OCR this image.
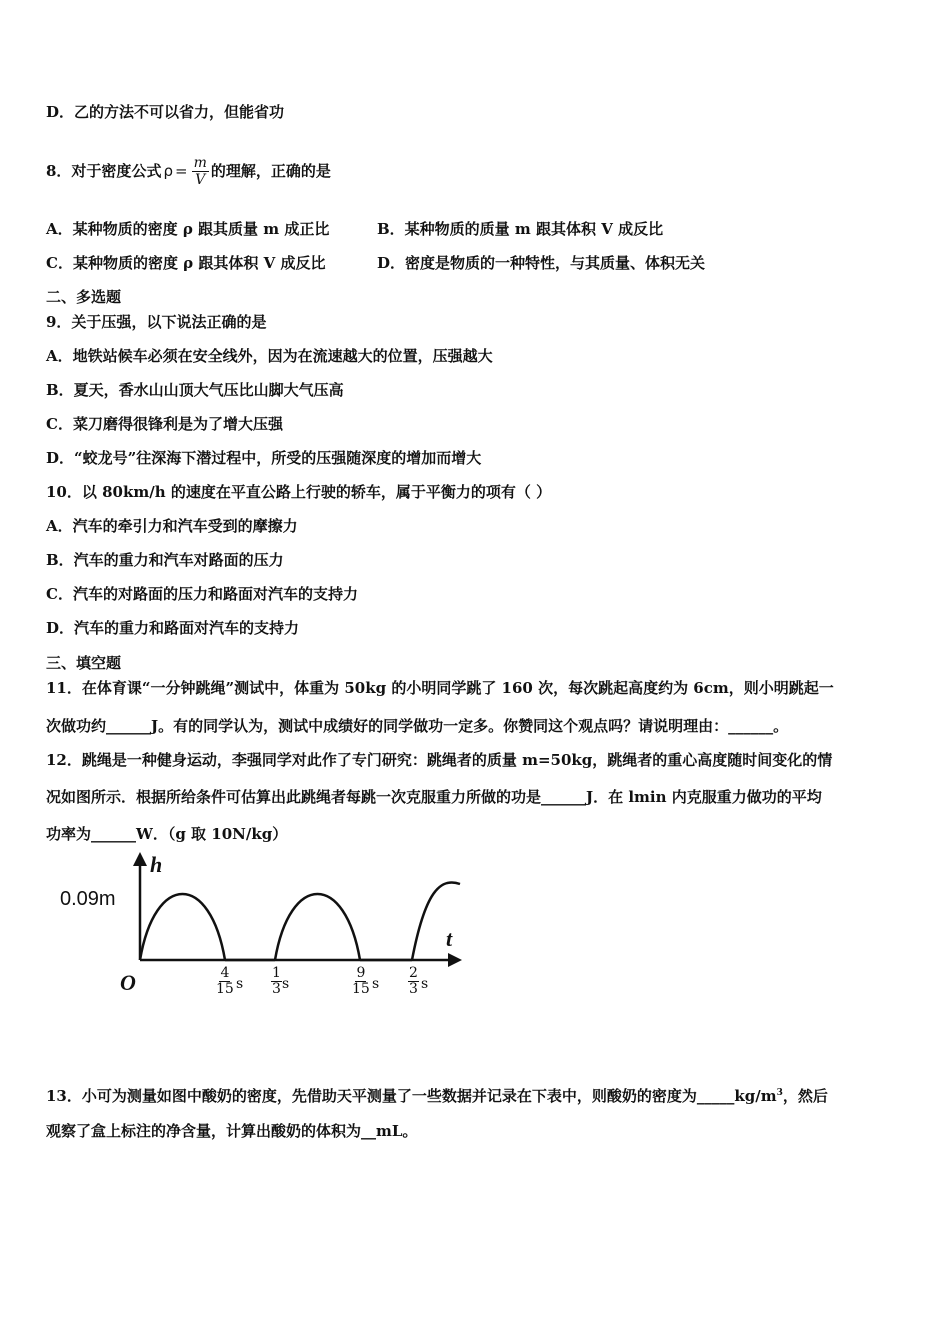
D．乙的方法不可以省力，但能省功
8．对于密度公式 $\rho = \frac{m}{V}$ 的理解，正确的是
A．某种物质的密度 ρ 跟其质量 m 成正比	B．某种物质的质量 m 跟其体积 V 成反比
C．某种物质的密度 ρ 跟其体积 V 成反比	D．密度是物质的一种特性，与其质量、体积无关
二、多选题
9．关于压强，以下说法正确的是
A．地铁站候车必须在安全线外，因为在流速越大的位置，压强越大
B．夏天，香水山山顶大气压比山脚大气压高
C．菜刀磨得很锋利是为了增大压强
D．“蛟龙号”往深海下潜过程中，所受的压强随深度的增加而增大
10．以 80km/h 的速度在平直公路上行驶的轿车，属于平衡力的项有（ ）
A．汽车的牵引力和汽车受到的摩擦力
B．汽车的重力和汽车对路面的压力
C．汽车的对路面的压力和路面对汽车的支持力
D．汽车的重力和路面对汽车的支持力
三、填空题
11．在体育课“一分钟跳绳”测试中，体重为 50kg 的小明同学跳了 160 次，每次跳起高度约为 6cm，则小明跳起一
次做功约______J。有的同学认为，测试中成绩好的同学做功一定多。你赞同这个观点吗？请说明理由：______。
12．跳绳是一种健身运动，李强同学对此作了专门研究：跳绳者的质量 m=50kg，跳绳者的重心高度随时间变化的情
况如图所示．根据所给条件可估算出此跳绳者每跳一次克服重力所做的功是______J．在 lmin 内克服重力做功的平均
功率为______W．（g 取 10N/kg）
h
t
O
0.09m
$\frac{4}{15}$ s $\frac{1}{3}$ s	$\frac{9}{15}$ s $\frac{2}{3}$ s
13．小可为测量如图中酸奶的密度，先借助天平测量了一些数据并记录在下表中，则酸奶的密度为$\_\_\_\_\_kg/m^3$，然后
观察了盒上标注的净含量，计算出酸奶的体积为__mL。
